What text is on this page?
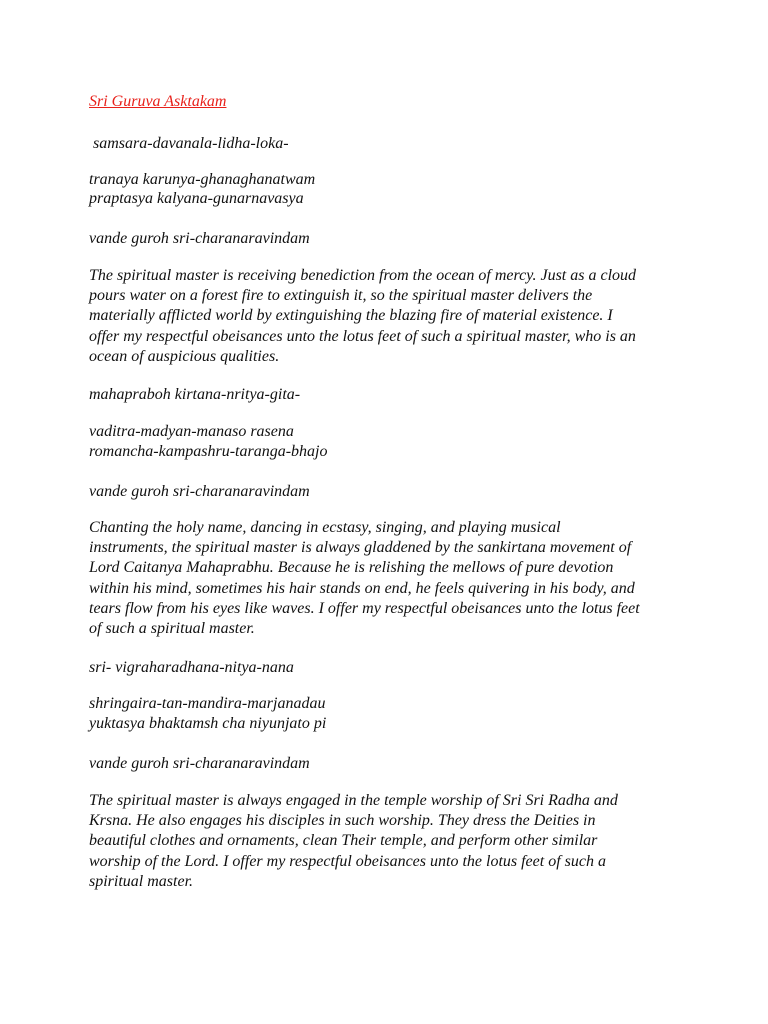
Sri Guruva Asktakam
samsara-davanala-lidha-loka-
tranaya karunya-ghanaghanatwam
praptasya kalyana-gunarnavasya
vande guroh sri-charanaravindam
The spiritual master is receiving benediction from the ocean of mercy. Just as a cloud
pours water on a forest fire to extinguish it, so the spiritual master delivers the
materially afflicted world by extinguishing the blazing fire of material existence. I
offer my respectful obeisances unto the lotus feet of such a spiritual master, who is an
ocean of auspicious qualities.
mahapraboh kirtana-nritya-gita-
vaditra-madyan-manaso rasena
romancha-kampashru-taranga-bhajo
vande guroh sri-charanaravindam
Chanting the holy name, dancing in ecstasy, singing, and playing musical
instruments, the spiritual master is always gladdened by the sankirtana movement of
Lord Caitanya Mahaprabhu. Because he is relishing the mellows of pure devotion
within his mind, sometimes his hair stands on end, he feels quivering in his body, and
tears flow from his eyes like waves. I offer my respectful obeisances unto the lotus feet
of such a spiritual master.
sri- vigraharadhana-nitya-nana
shringaira-tan-mandira-marjanadau
yuktasya bhaktamsh cha niyunjato pi
vande guroh sri-charanaravindam
The spiritual master is always engaged in the temple worship of Sri Sri Radha and
Krsna. He also engages his disciples in such worship. They dress the Deities in
beautiful clothes and ornaments, clean Their temple, and perform other similar
worship of the Lord. I offer my respectful obeisances unto the lotus feet of such a
spiritual master.
